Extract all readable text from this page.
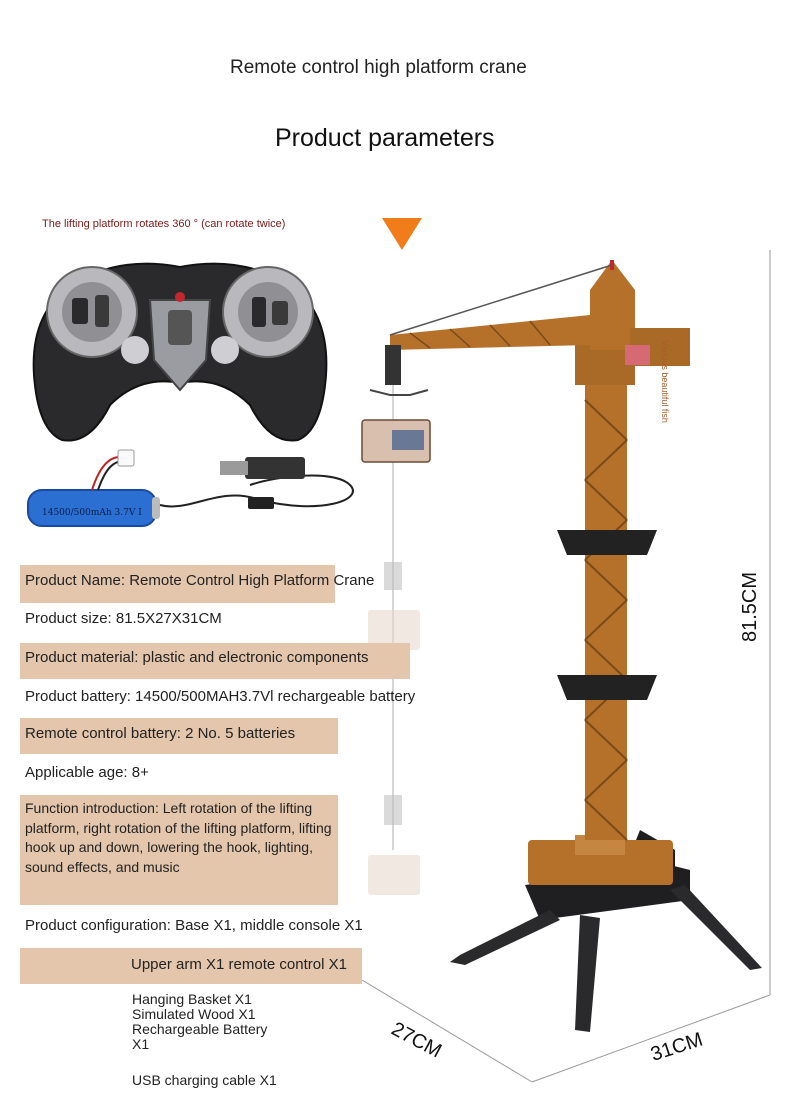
Remote control high platform crane
Product parameters
The lifting platform rotates 360 ° (can rotate twice)
14500/500mAh 3.7V I
Various beautiful fish
81.5CM
27CM	31CM
Product Name: Remote Control High Platform Crane
Product size: 81.5X27X31CM
Product material: plastic and electronic components
Product battery: 14500/500MAH3.7Vl rechargeable battery
Remote control battery: 2 No. 5 batteries
Applicable age: 8+
Function introduction: Left rotation of the lifting platform, right rotation of the lifting platform, lifting hook up and down, lowering the hook, lighting, sound effects, and music
Product configuration: Base X1, middle console X1
Upper arm X1 remote control X1
Hanging Basket X1
Simulated Wood X1
Rechargeable Battery
X1
USB charging cable X1
